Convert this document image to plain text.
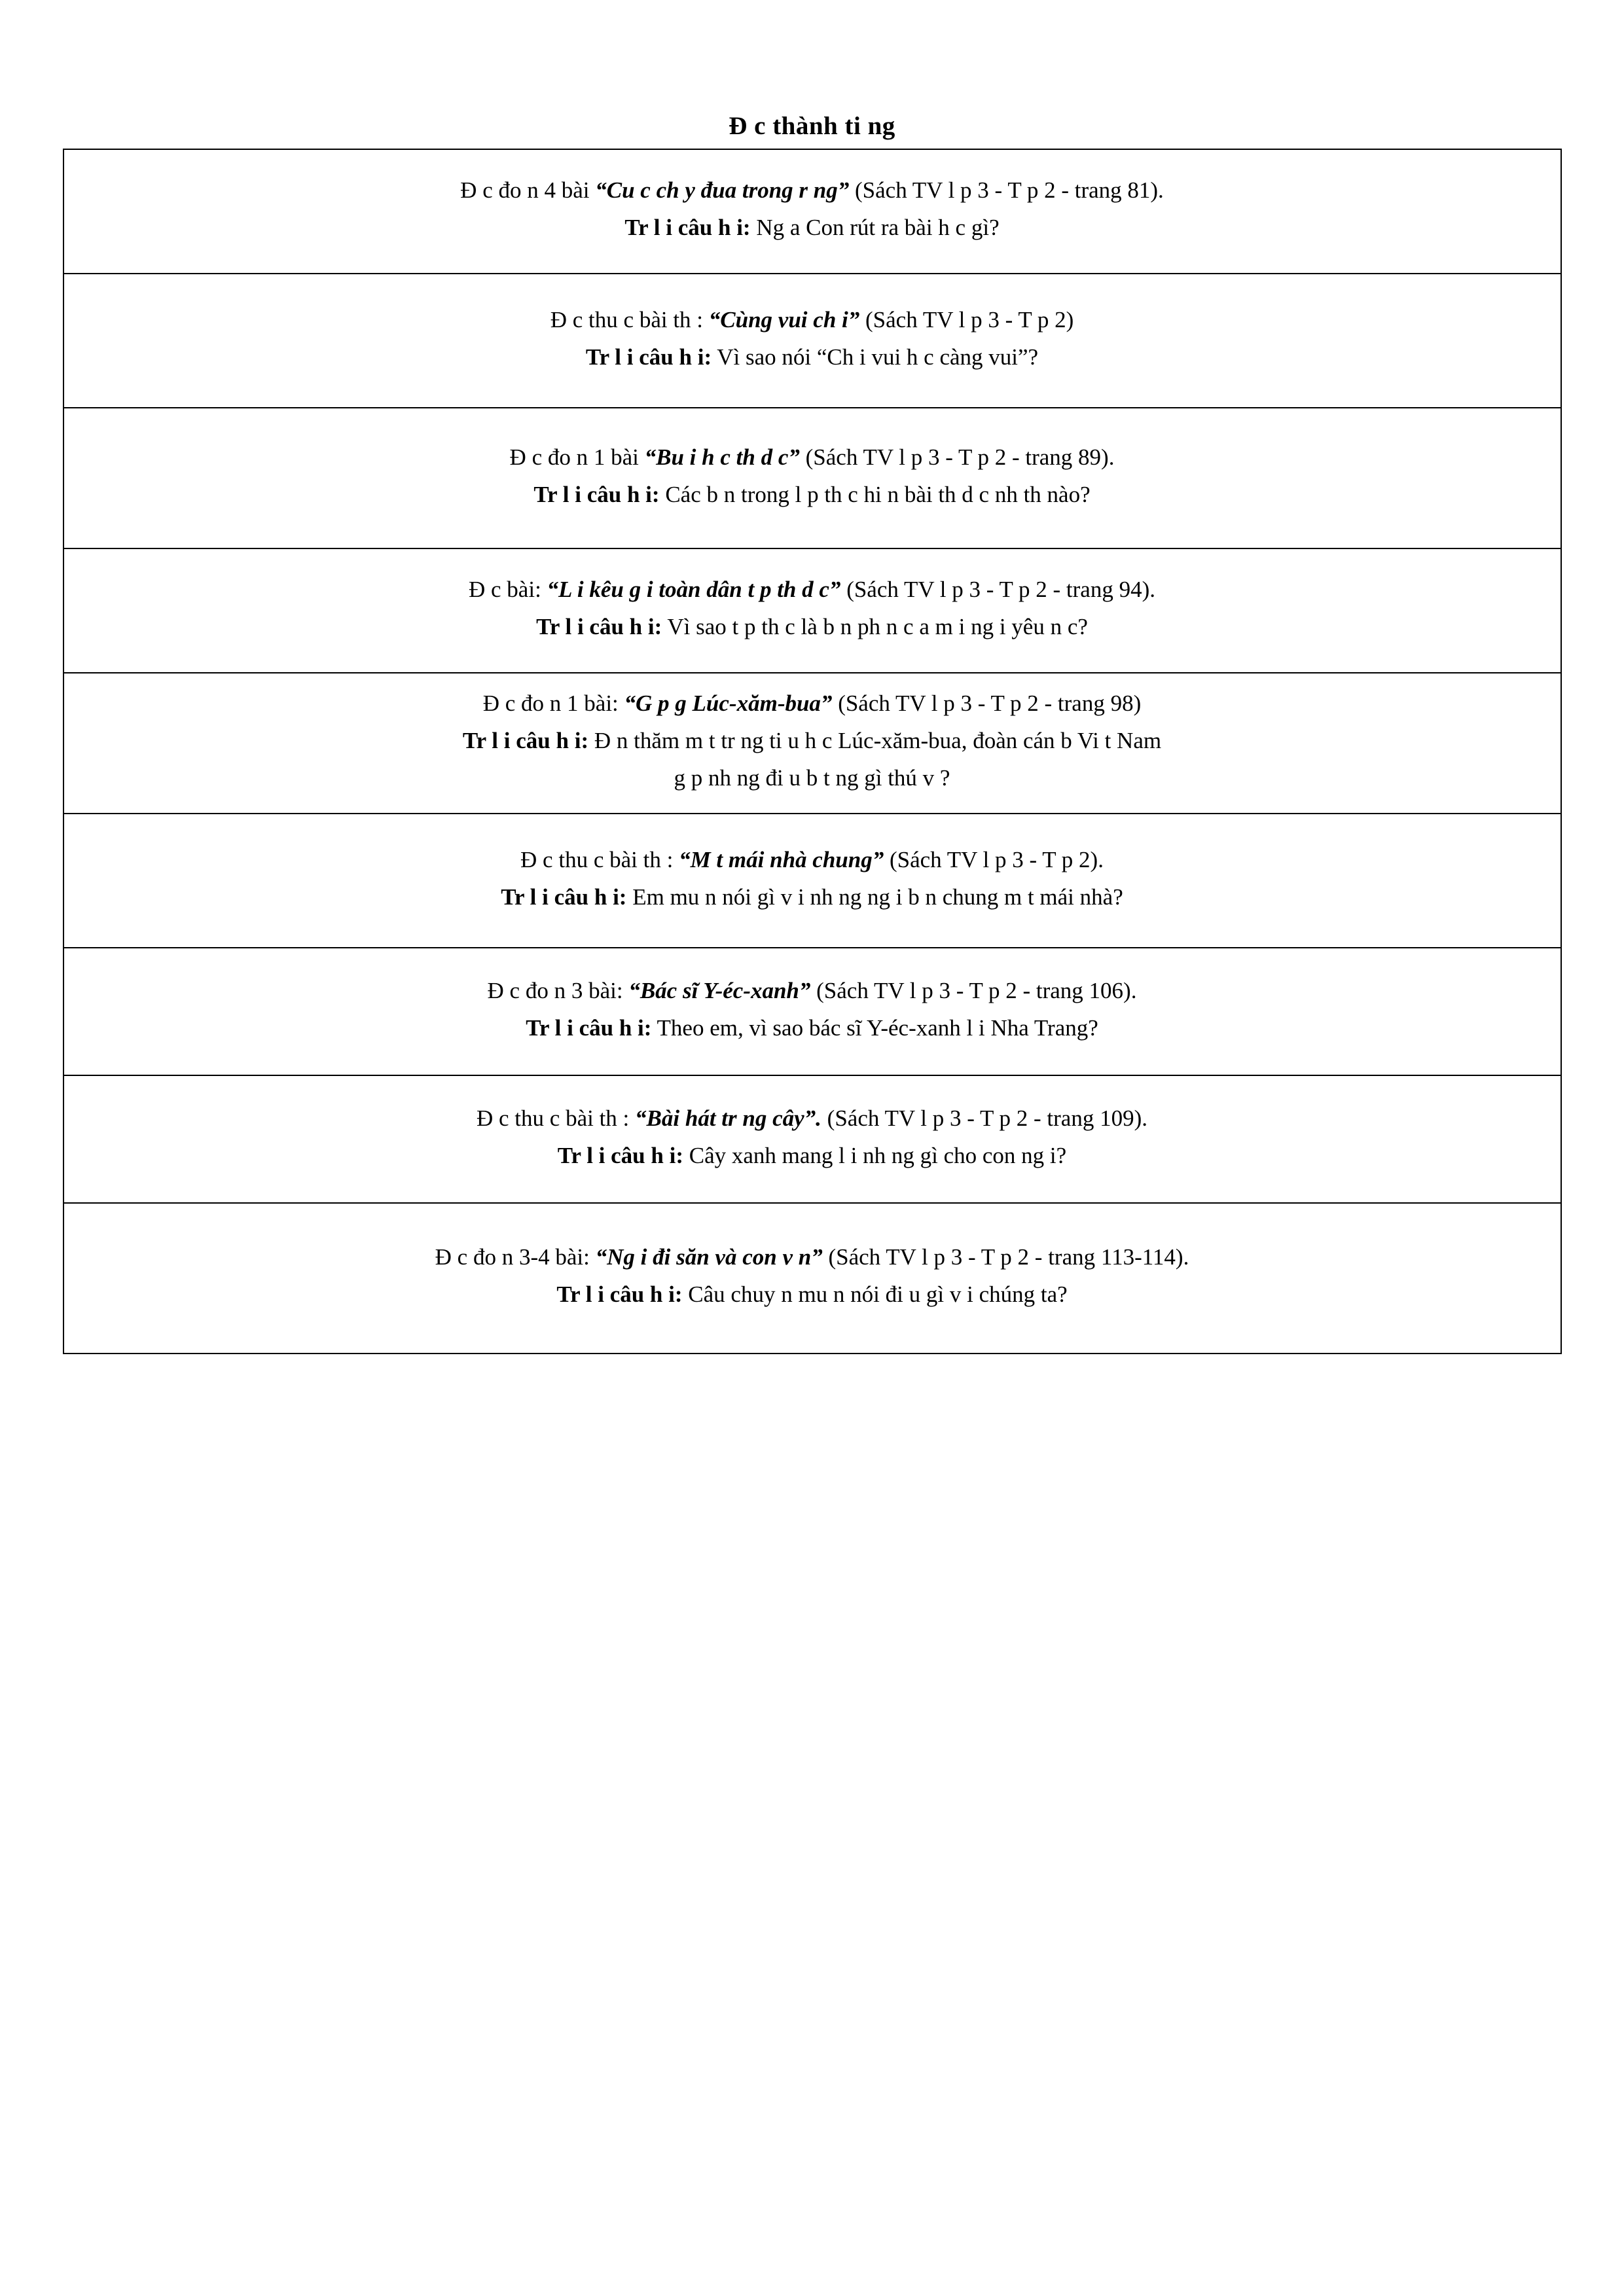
Đ c thành ti ng

Đ c đo n 4 bài “Cu c ch y đua trong r ng” (Sách TV l p 3 - T p 2 - trang 81).

Tr l i câu h i: Ng a Con rút ra bài h c gì?

Đ c thu c bài th : “Cùng vui ch i” (Sách TV l p 3 - T p 2)

Tr l i câu h i: Vì sao nói “Ch i vui h c càng vui”?

Đ c đo n 1 bài “Bu i h c th d c” (Sách TV l p 3 - T p 2 - trang 89).

Tr l i câu h i: Các b n trong l p th c hi n bài th d c nh th nào?

Đ c bài: “L i kêu g i toàn dân t p th d c” (Sách TV l p 3 - T p 2 - trang 94).

Tr l i câu h i: Vì sao t p th c là b n ph n c a m i ng i yêu n c?

Đ c đo n 1 bài: “G p g Lúc-xăm-bua” (Sách TV l p 3 - T p 2 - trang 98)

Tr l i câu h i: Đ n thăm m t tr ng ti u h c Lúc-xăm-bua, đoàn cán b Vi t Nam

g p nh ng đi u b t ng gì thú v ?

Đ c thu c bài th : “M t mái nhà chung” (Sách TV l p 3 - T p 2).

Tr l i câu h i: Em mu n nói gì v i nh ng ng i b n chung m t mái nhà?

Đ c đo n 3 bài: “Bác sĩ Y-éc-xanh” (Sách TV l p 3 - T p 2 - trang 106).

Tr l i câu h i: Theo em, vì sao bác sĩ Y-éc-xanh l i Nha Trang?

Đ c thu c bài th : “Bài hát tr ng cây”. (Sách TV l p 3 - T p 2 - trang 109).

Tr l i câu h i: Cây xanh mang l i nh ng gì cho con ng i?

Đ c đo n 3-4 bài: “Ng i đi săn và con v n” (Sách TV l p 3 - T p 2 - trang 113-114).

Tr l i câu h i: Câu chuy n mu n nói đi u gì v i chúng ta?
